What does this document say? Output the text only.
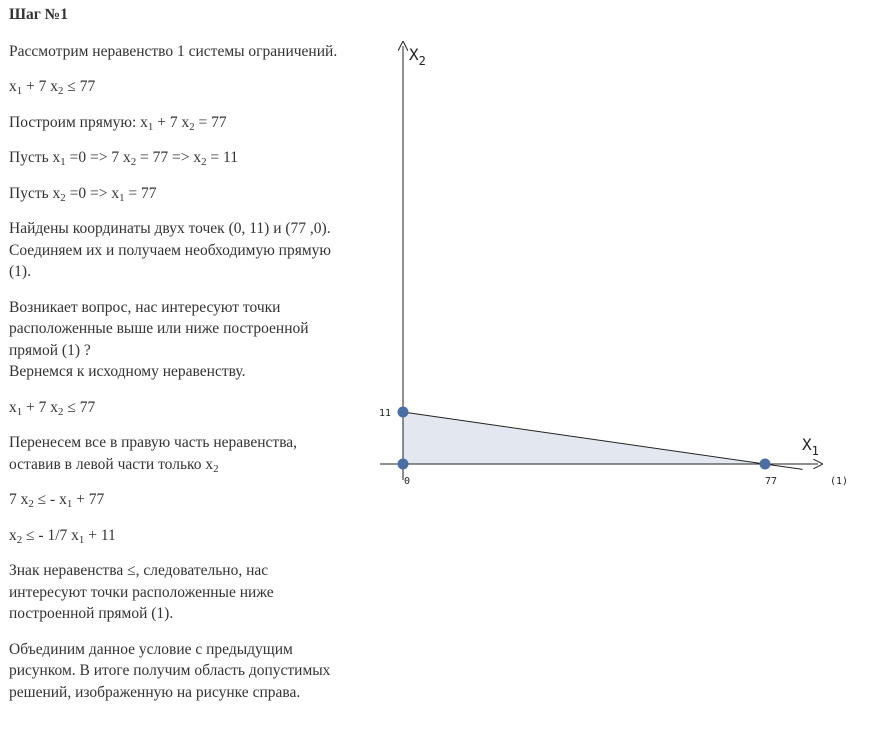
Шаг №1

Рассмотрим неравенство 1 системы ограничений.

$x_1 + 7$ $x_2 \le 77$

Построим прямую: $x_1 + 7$ $x_2 = 77$

Пусть $x_1 =0 => 7$ $x_2 = 77 => x_2 = 11$

Пусть $x_2 =0 => x_1 = 77$

Найдены координаты двух точек (0, 11) и (77 ,0). Соединяем их и получаем необходимую прямую (1).

Возникает вопрос, нас интересуют точки расположенные выше или ниже построенной прямой (1) ?

Вернемся к исходному неравенству.

$x_1 + 7$ $x_2 \le 77$

Перенесем все в правую часть неравенства, оставив в левой части только $x_2$

7 $x_2$ ≤ - $x_1 + 77$

$x_2$ ≤ - 1/7 $x_1 + 11$

Знак неравенства ≤, следовательно, нас интересуют точки расположенные ниже построенной прямой (1).

Объединим данное условие с предыдущим рисунком. В итоге получим область допустимых решений, изображенную на рисунке справа.

$X_2$
$X_1$
11
0	77	(1)
